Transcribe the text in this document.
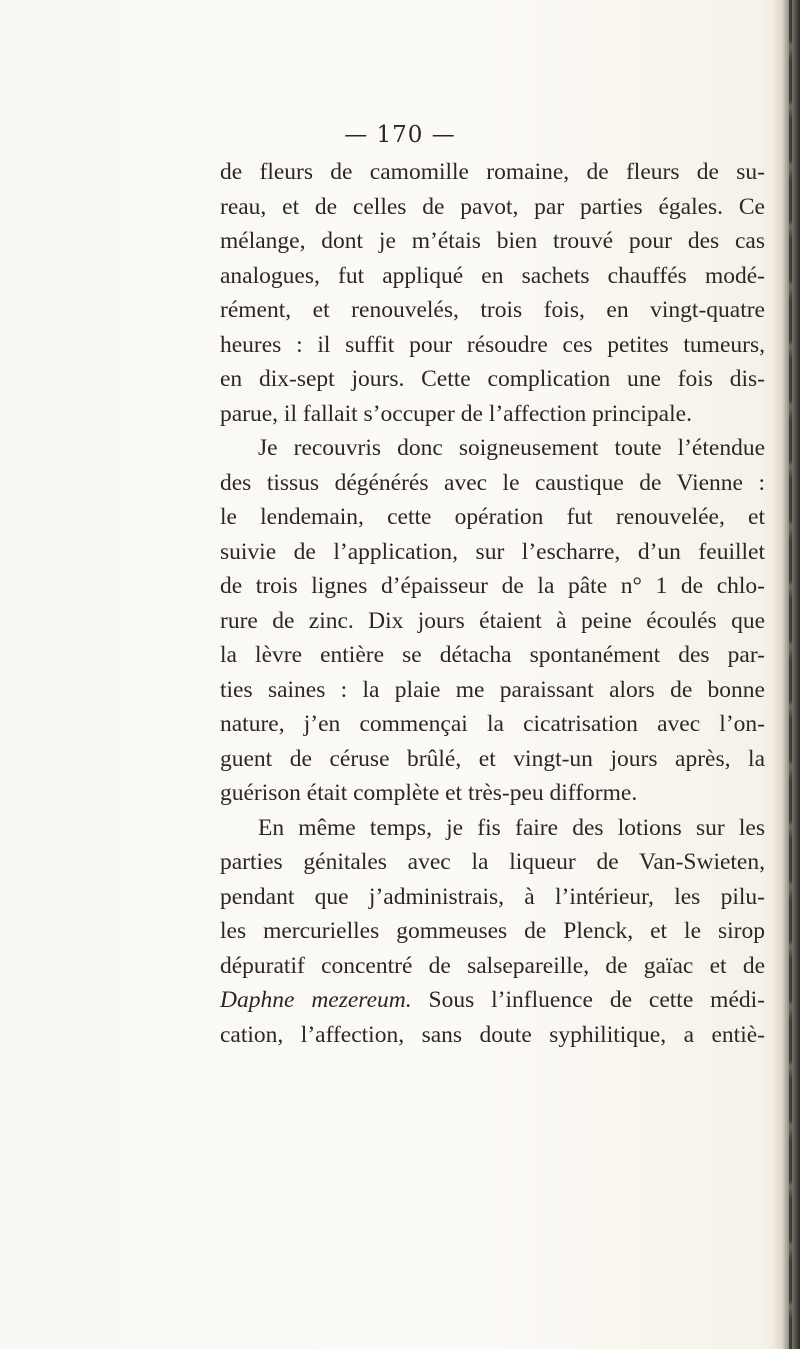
— 170 —
de fleurs de camomille romaine, de fleurs de su-
reau, et de celles de pavot, par parties égales. Ce
mélange, dont je m’étais bien trouvé pour des cas
analogues, fut appliqué en sachets chauffés modé-
rément, et renouvelés, trois fois, en vingt-quatre
heures : il suffit pour résoudre ces petites tumeurs,
en dix-sept jours. Cette complication une fois dis-
parue, il fallait s’occuper de l’affection principale.
Je recouvris donc soigneusement toute l’étendue
des tissus dégénérés avec le caustique de Vienne :
le lendemain, cette opération fut renouvelée, et
suivie de l’application, sur l’escharre, d’un feuillet
de trois lignes d’épaisseur de la pâte n° 1 de chlo-
rure de zinc. Dix jours étaient à peine écoulés que
la lèvre entière se détacha spontanément des par-
ties saines : la plaie me paraissant alors de bonne
nature, j’en commençai la cicatrisation avec l’on-
guent de céruse brûlé, et vingt-un jours après, la
guérison était complète et très-peu difforme.
En même temps, je fis faire des lotions sur les
parties génitales avec la liqueur de Van-Swieten,
pendant que j’administrais, à l’intérieur, les pilu-
les mercurielles gommeuses de Plenck, et le sirop
dépuratif concentré de salsepareille, de gaïac et de
Daphne mezereum. Sous l’influence de cette médi-
cation, l’affection, sans doute syphilitique, a entiè-
